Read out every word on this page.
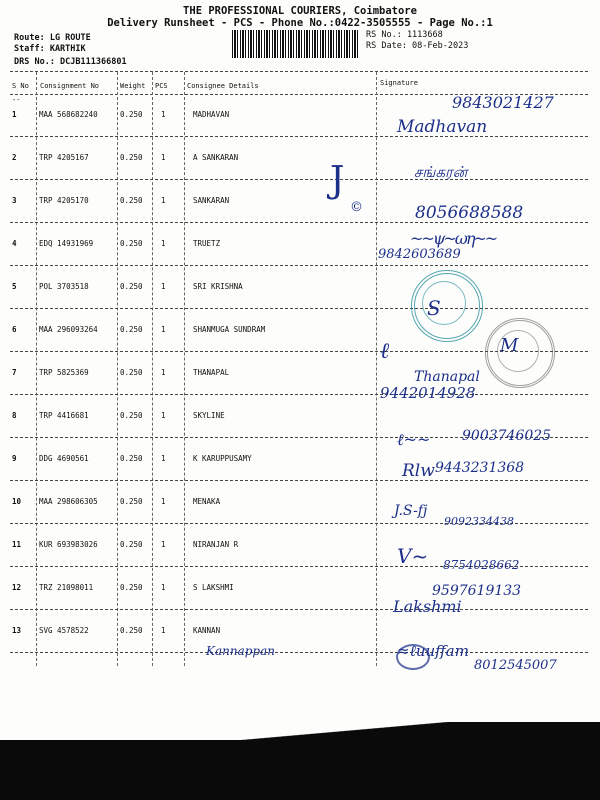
THE PROFESSIONAL COURIERS, Coimbatore
Delivery Runsheet - PCS - Phone No.:0422-3505555 - Page No.:1
Route: LG ROUTE
Staff: KARTHIK
DRS No.: DCJB111366801
RS No.: 1113668
RS Date: 08-Feb-2023
S No Consignment No	Weight PCS	Consignee Details	Signature
--
1	MAA 568682240	0.250 1	MADHAVAN
2	TRP 4205167	0.250 1	A SANKARAN
3	TRP 4205170	0.250 1	SANKARAN
4	EDQ 14931969	0.250 1	TRUETZ
5	POL 3703518	0.250 1	SRI KRISHNA
6	MAA 296093264	0.250 1	SHANMUGA SUNDRAM
7	TRP 5825369	0.250 1	THANAPAL
8	TRP 4416681	0.250 1	SKYLINE
9	DDG 4690561	0.250 1	K KARUPPUSAMY
10 MAA 298606305	0.250 1	MENAKA
11 KUR 693983026	0.250 1	NIRANJAN R
12 TRZ 21098011	0.250 1	S LAKSHMI
13 SVG 4578522	0.250 1	KANNAN
9843021427
Madhavan
சங்கரன்
J
©	8056688588
~~ψ~ωη~~
9842603689
S
ℓ	M
Thanapal
9442014928
ℓ~~ 9003746025
Rlw 9443231368
J.S-fj
9092334438
V~ 8754028662
9597619133
Lakshmi
Kannappan	≈ℓuuffam
8012545007
